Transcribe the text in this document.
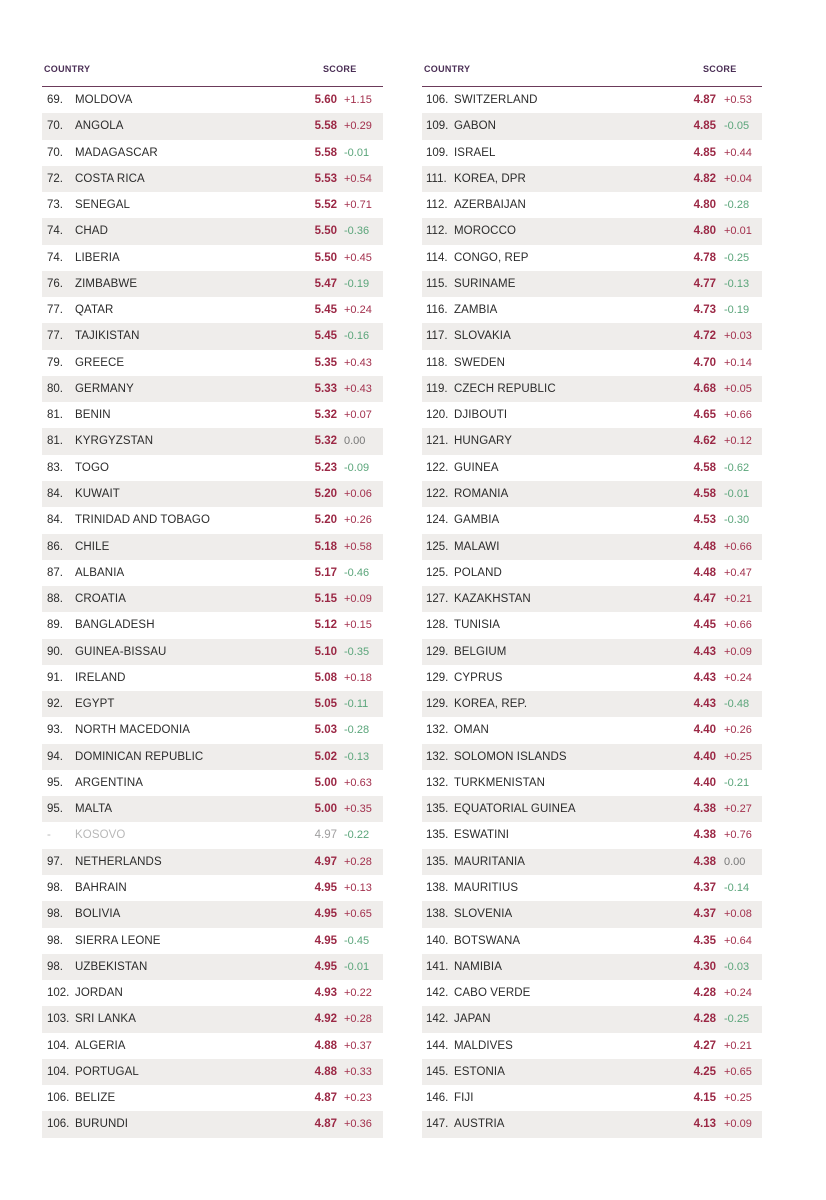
COUNTRY	SCORE
69. MOLDOVA	5.60 +1.15
70. ANGOLA	5.58 +0.29
70. MADAGASCAR	5.58 -0.01
72. COSTA RICA	5.53 +0.54
73. SENEGAL	5.52 +0.71
74. CHAD	5.50 -0.36
74. LIBERIA	5.50 +0.45
76. ZIMBABWE	5.47 -0.19
77. QATAR	5.45 +0.24
77. TAJIKISTAN	5.45 -0.16
79. GREECE	5.35 +0.43
80. GERMANY	5.33 +0.43
81. BENIN	5.32 +0.07
81. KYRGYZSTAN	5.32 0.00
83. TOGO	5.23 -0.09
84. KUWAIT	5.20 +0.06
84. TRINIDAD AND TOBAGO	5.20 +0.26
86. CHILE	5.18 +0.58
87. ALBANIA	5.17 -0.46
88. CROATIA	5.15 +0.09
89. BANGLADESH	5.12 +0.15
90. GUINEA-BISSAU	5.10 -0.35
91. IRELAND	5.08 +0.18
92. EGYPT	5.05 -0.11
93. NORTH MACEDONIA	5.03 -0.28
94. DOMINICAN REPUBLIC	5.02 -0.13
95. ARGENTINA	5.00 +0.63
95. MALTA	5.00 +0.35
- KOSOVO	4.97 -0.22
97. NETHERLANDS	4.97 +0.28
98. BAHRAIN	4.95 +0.13
98. BOLIVIA	4.95 +0.65
98. SIERRA LEONE	4.95 -0.45
98. UZBEKISTAN	4.95 -0.01
102. JORDAN	4.93 +0.22
103. SRI LANKA	4.92 +0.28
104. ALGERIA	4.88 +0.37
104. PORTUGAL	4.88 +0.33
106. BELIZE	4.87 +0.23
106. BURUNDI	4.87 +0.36
COUNTRY	SCORE
106. SWITZERLAND	4.87 +0.53
109. GABON	4.85 -0.05
109. ISRAEL	4.85 +0.44
111. KOREA, DPR	4.82 +0.04
112. AZERBAIJAN	4.80 -0.28
112. MOROCCO	4.80 +0.01
114. CONGO, REP	4.78 -0.25
115. SURINAME	4.77 -0.13
116. ZAMBIA	4.73 -0.19
117. SLOVAKIA	4.72 +0.03
118. SWEDEN	4.70 +0.14
119. CZECH REPUBLIC	4.68 +0.05
120. DJIBOUTI	4.65 +0.66
121. HUNGARY	4.62 +0.12
122. GUINEA	4.58 -0.62
122. ROMANIA	4.58 -0.01
124. GAMBIA	4.53 -0.30
125. MALAWI	4.48 +0.66
125. POLAND	4.48 +0.47
127. KAZAKHSTAN	4.47 +0.21
128. TUNISIA	4.45 +0.66
129. BELGIUM	4.43 +0.09
129. CYPRUS	4.43 +0.24
129. KOREA, REP.	4.43 -0.48
132. OMAN	4.40 +0.26
132. SOLOMON ISLANDS	4.40 +0.25
132. TURKMENISTAN	4.40 -0.21
135. EQUATORIAL GUINEA	4.38 +0.27
135. ESWATINI	4.38 +0.76
135. MAURITANIA	4.38 0.00
138. MAURITIUS	4.37 -0.14
138. SLOVENIA	4.37 +0.08
140. BOTSWANA	4.35 +0.64
141. NAMIBIA	4.30 -0.03
142. CABO VERDE	4.28 +0.24
142. JAPAN	4.28 -0.25
144. MALDIVES	4.27 +0.21
145. ESTONIA	4.25 +0.65
146. FIJI	4.15 +0.25
147. AUSTRIA	4.13 +0.09
